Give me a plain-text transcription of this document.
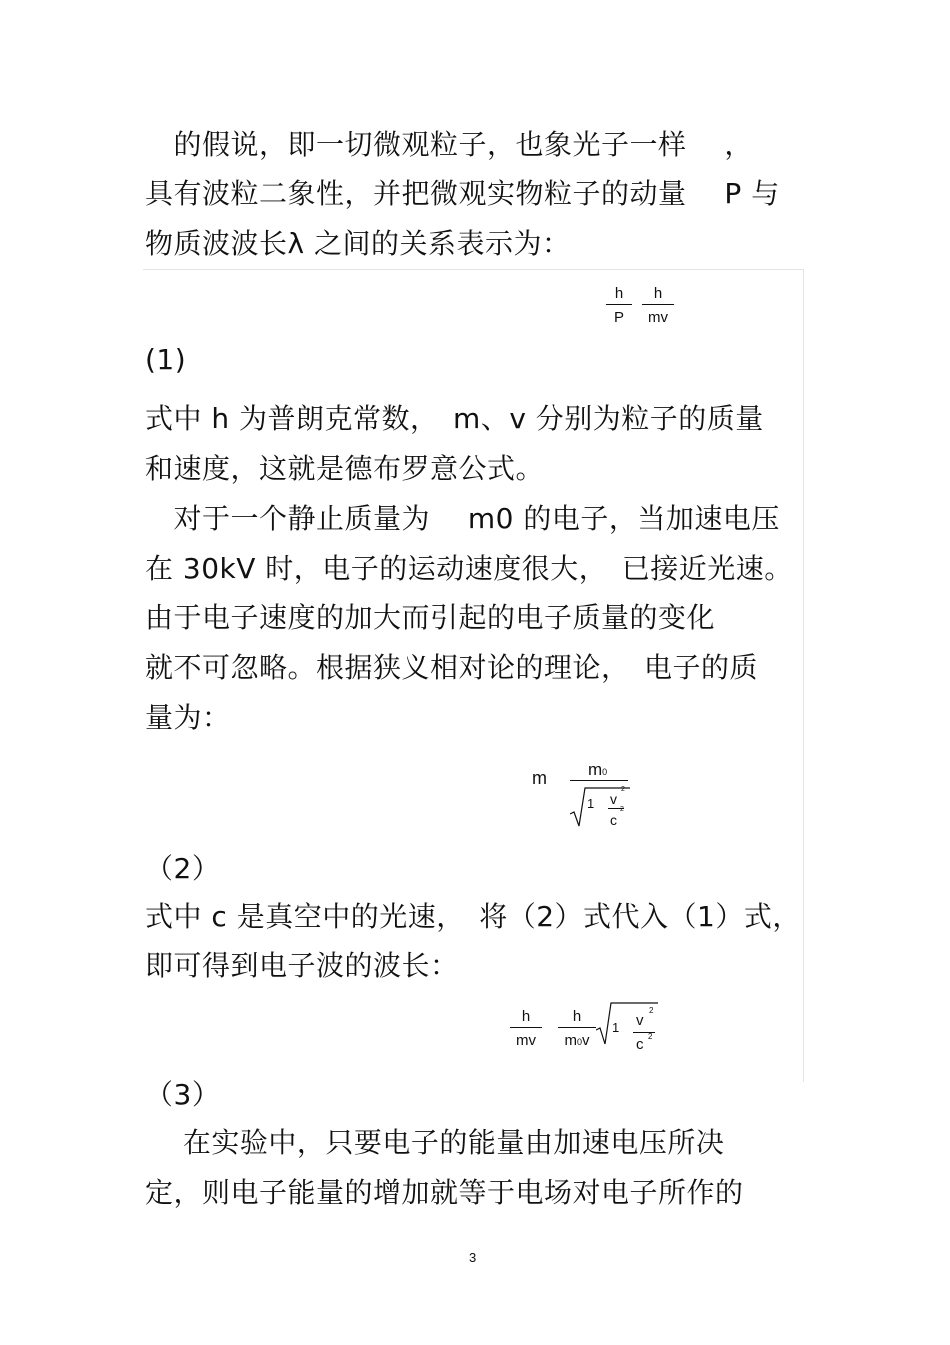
　的假说，即一切微观粒子，也象光子一样　 ，
具有波粒二象性，并把微观实物粒子的动量　 P 与
物质波波长λ 之间的关系表示为：
$\frac{h}{P} \frac{h}{mv}$
(1)
式中 h 为普朗克常数，　m、v 分别为粒子的质量
和速度，这就是德布罗意公式。
　对于一个静止质量为　 m0 的电子，当加速电压
在 30kV 时，电子的运动速度很大，　已接近光速。
由于电子速度的加大而引起的电子质量的变化
就不可忽略。根据狭义相对论的理论，　电子的质
量为：
m m0
1 v
2
c
2
（2）
式中 c 是真空中的光速，　将（2）式代入（1）式，
即可得到电子波的波长：
$\frac{h}{mv} \frac{h}{m0v} 1$ v
2
c 2
（3）
　 在实验中，只要电子的能量由加速电压所决
定，则电子能量的增加就等于电场对电子所作的
3
